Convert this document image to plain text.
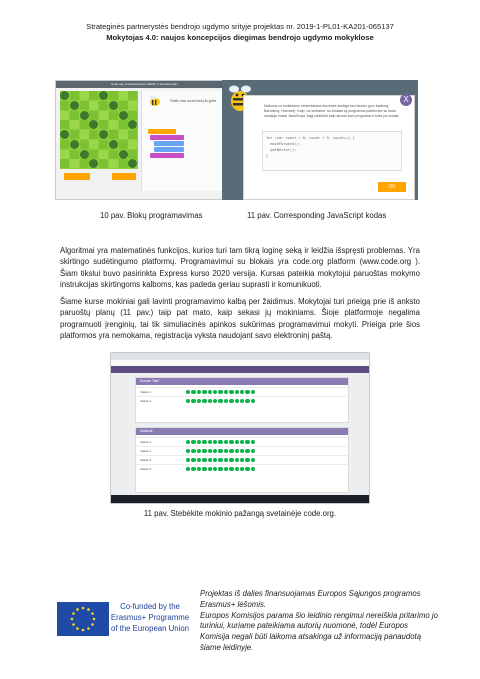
Strateginės partnerystės bendrojo ugdymo srityje projektas nr. 2019-1-PL01-KA201-065137
Mokytojas 4.0: naujos koncepcijos diegimas bendrojo ugdymo mokyklose
Code.org: Kursas Express (2020), 2 pamoka (ekr.)
Padėk man surasti kelią iki gėlės
Matoma su mokiniams universalaus eksmoze sindiga esn blocks (pvz žaidimą, Barbaimę, Harvard). Kaip, va verkame, su blokais tą porgramos patelevies su kodo versijoje matai JavaScript, taigi pažiūrėk kaip atrodo tavo programa ir koks jos kodas.
for (var count = 0; count < 5; count++) {
moveForward();
getNectar();
}
OK
X
10 pav. Blokų programavimas	11 pav. Corresponding JavaScript kodas
Algoritmai yra matematinės funkcijos, kurios turi tam tikrą loginę seką ir leidžia išspręsti problemas. Yra skirtingo sudėtingumo platformų. Programavimui su blokais yra code.org platform (www.code.org ). Šiam tikslui buvo pasirinkta Express kurso 2020 versija. Kursas pateikia mokytojui paruoštas mokymo instrukcijas skirtingoms kalboms, kas padeda geriau suprasti ir komunikuoti.
Šiame kurse mokiniai gali lavinti programavimo kalbą per žaidimus. Mokytojai turi prieigą prie iš anksto paruoštų planų (11 pav.) taip pat mato, kaip sekasi jų mokiniams. Šioje platformoje negalima programuoti įrenginių, tai tik simuliacinės apinkos sukūrimas programavimui mokyti. Prieiga prie šios platformos yra nemokama, registracija vyksta naudojant savo elektroninį paštą.
Kursas "Mar"
Vaikas 1
Vaikas 2
Mokiniai
Vaikas 3
Vaikas 4
Vaikas 5
Vaikas 6
11 pav. Stebėkite mokinio pažangą svetainėje code.org.
Co-funded by the Erasmus+ Programme of the European Union
Projektas iš dalies finansuojamas Europos Sąjungos programos
Erasmus+ lėšomis.
Europos Komisijos parama šio leidinio rengimui nereiškia pritarimo jo
turiniui, kuriame pateikiama autorių nuomonė, todėl Europos
Komisija negali būti laikoma atsakinga už informaciją panaudotą
šiame leidinyje.
